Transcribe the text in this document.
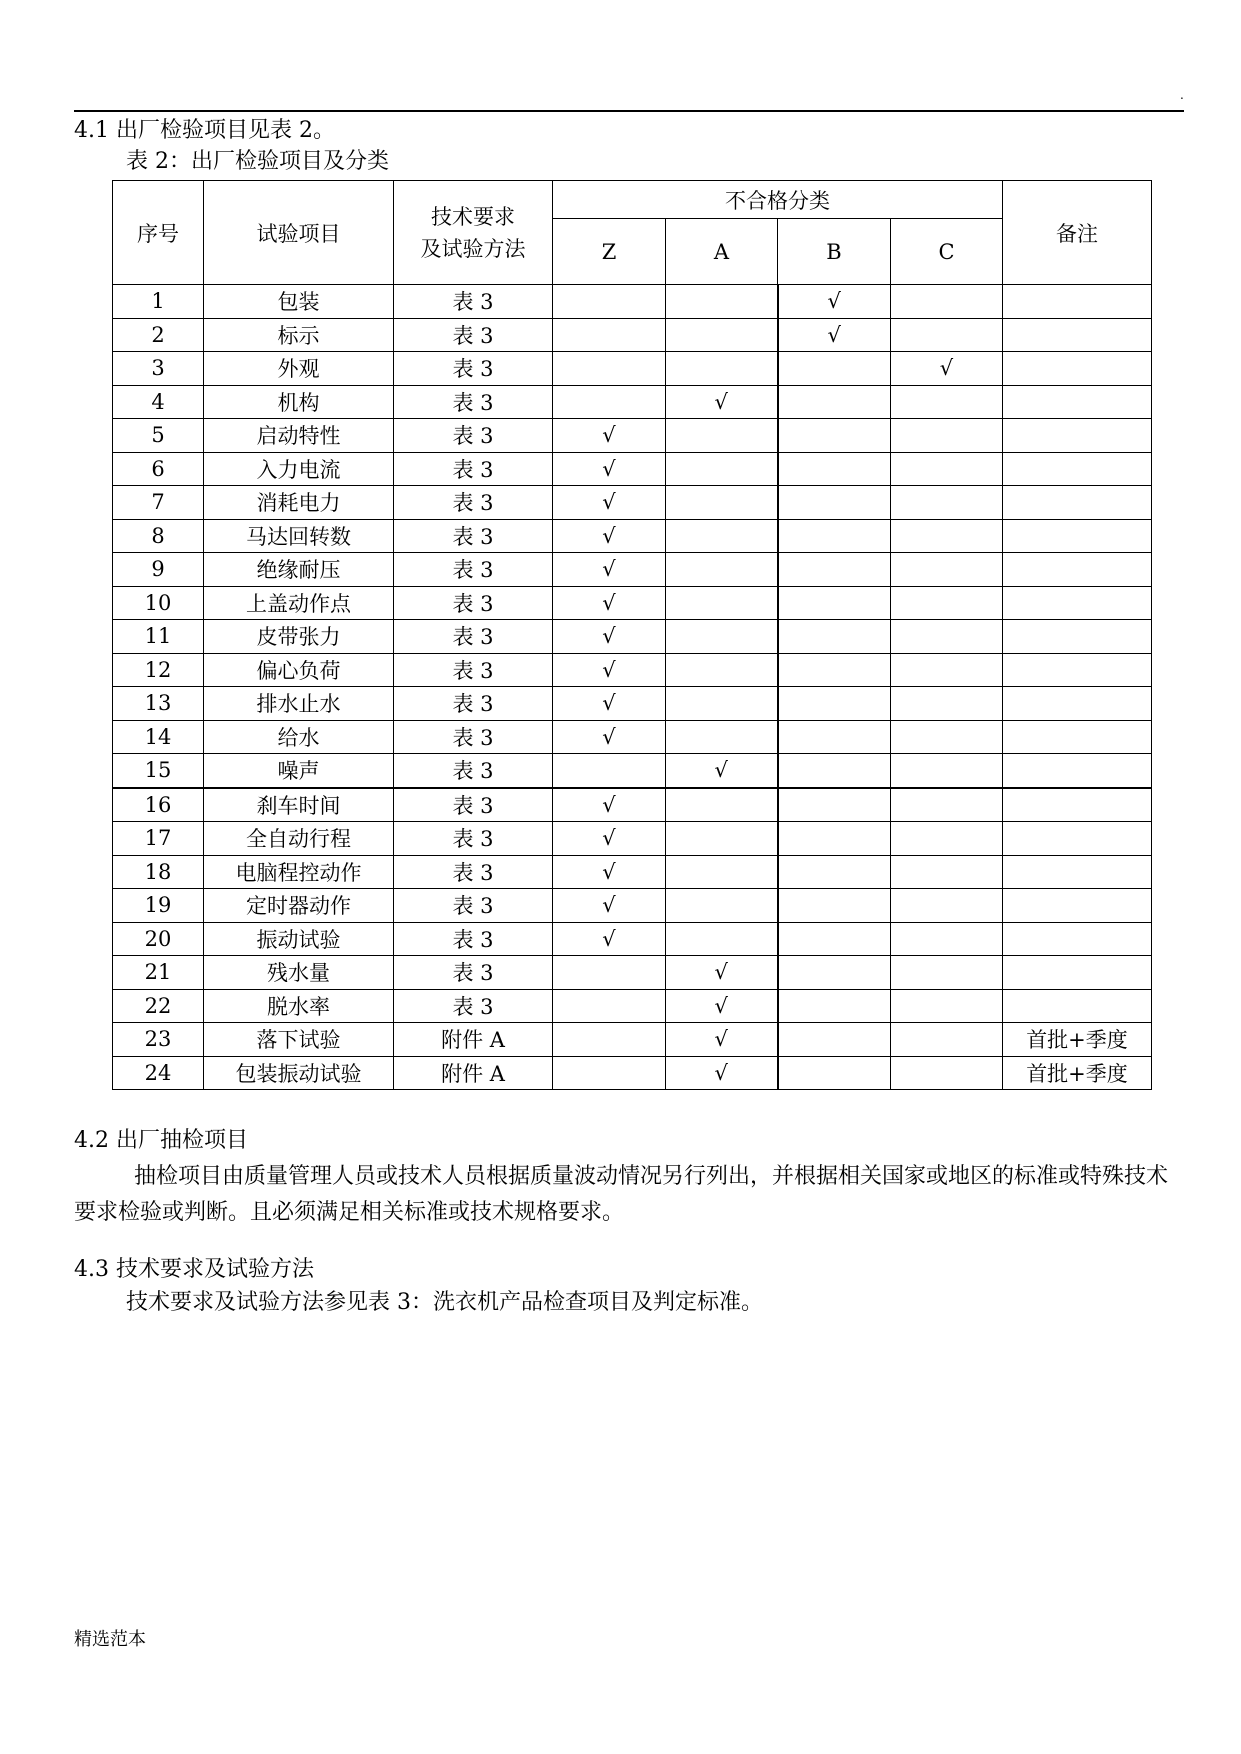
.
4.1 出厂检验项目见表 2。
表 2：出厂检验项目及分类
序号	试验项目	技术要求
及试验方法	不合格分类				备注
			Z	A	B	C	
1	包装	表 3			√		
2	标示	表 3			√		
3	外观	表 3				√	
4	机构	表 3		√			
5	启动特性	表 3	√				
6	入力电流	表 3	√				
7	消耗电力	表 3	√				
8	马达回转数	表 3	√				
9	绝缘耐压	表 3	√				
10	上盖动作点	表 3	√				
11	皮带张力	表 3	√				
12	偏心负荷	表 3	√				
13	排水止水	表 3	√				
14	给水	表 3	√				
15	噪声	表 3		√			
16	刹车时间	表 3	√				
17	全自动行程	表 3	√				
18	电脑程控动作	表 3	√				
19	定时器动作	表 3	√				
20	振动试验	表 3	√				
21	残水量	表 3		√			
22	脱水率	表 3		√			
23	落下试验	附件 A		√			首批+季度
24	包装振动试验	附件 A		√			首批+季度
4.2 出厂抽检项目
抽检项目由质量管理人员或技术人员根据质量波动情况另行列出，并根据相关国家或地区的标准或特殊技术要求检验或判断。且必须满足相关标准或技术规格要求。
4.3 技术要求及试验方法
技术要求及试验方法参见表 3：洗衣机产品检查项目及判定标准。
精选范本
